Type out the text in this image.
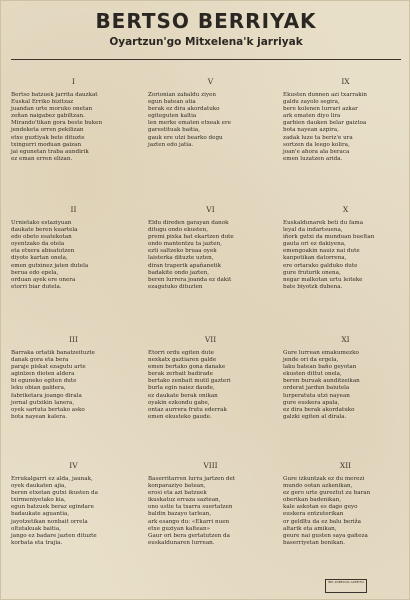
BERTSO BERRIYAK
Oyartzun'go Mitxelena'k jarriyak
I
Bertso batzuek jarrita dauzkat
Euskal Erriko bizitzaz
juandan urte moruko onetan
zeñan naigabez gabiltzan.
Mirando'tikan gora beste buken
jendeketa orren pekilizan
etxe guztiyak bete dituzte
txingurri moduan gaizan
jai egunetan traba aundirik
ez eman erren elizan.
V
Zorionian zabaldu ziyen
egun batean atia
berak ez dira akordatuko
egiteguten kaltia
len merke ematen etxeak ere
garestituak baitia,
gauk ere utzi bearko degu
jazten edo jatia.
IX
Ekusten dunnen azi txarrakin
galdu zayolo segira,
bere kolenen lurrari azkar
ark ematen diyo lira
garbien dauken belar gaiztoa
bota nayean azpira,
zadak luze ta beriz'e ura
sortzen da leego kolira,
joan'e ahora ala beraca
emen luzatzen arida.
II
Urnietako estaziyuan
daukate beren kuartela
edo obeto esatekotan
oyentzako da otela
eta etxera abisatutzen
diyote kartan onela,
emen gutxinez jaten dutela
berua edo epela,
orduan ayek ere onera
etorri biar dutela.
VI
Eldu direden garayan danok
ditugu ondo ekusten,
premi pixka bat ekartzen dute
ondo mantentzu ta jazten,
ezti saltzeko bruaa oyek
laisterka dituzte uzten,
diran traperik apañanetik
badakite ondo jazten,
beren lurrera joanda ez dakit
ezagutuko dituzten
X
Euskaldunarek beti du fama
leyal da indartsuena,
iñork gutxi da munduan bueltan
gauta ori ez dakiyena,
emengoakin nauiz nai dute
kanpotikan datorrena,
ere ortarako galduko dute
gure fruturik onena,
negar malkotan urtu leiteke
bate biyotzk dubena.
III
Barraka ortatik banatzeituzte
danak gora eta bera
paraje piskat ezagutu arte
aginlzen dioten aldera
bi eguneko egiten dute
leku obian galdera,
fabriketara joango dirala
jornal gutxikin lanera,
oyek sartuta bertako asko
bota nayean kalera.
VII
Etorri ordu egiten dute
nexkatx gaztiaren galde
emen bertako gona danake
berak zerbait badirade
bertako zenbait mutil gazteri
burla egin naiez daude,
ez daukate berak onikan
oyakin ezkondu gabe,
ontaz aurrera frutu ederrak
emen ekusteko gaude.
XI
Gure lurrean emakumezko
jende ori da ergela,
laku batean baño geyotan
ekusten dittut onela,
beren buruak aunditzeikan
orderat jardun baiutela
lurperatuta utzi nayean
gure euskera apala,
ez dira berak akordatuko
galzki egiten al dirala.
IV
Errukalgarri ez alda, jaunak,
oyek daukaten ajia,
beren etxetan gutxi ikusten da
txirmeniyetako kia,
egun batzuek beraz egindare
badaukate aguantia,
jayotzetikan nonbait orrela
oltutakuak baitia,
jango ez badare jazten dituzte
korbata eta trajia.
VIII
Baserritarren lurra jartzen det
konparaziyo batean,
erosi eta azi batzuek
ikuskatuz erraza saztean,
ono ustie ta txarra suertatzen
baldin bazayo tarlean,
ark esango du: «Ekarri nuen
etxe guziyan kaltean»
Gaur ori bera gertatutzen da
euskaldunaren lurrean.
XII
Gure izkuntzak ez du merezi
mundo ootan azkenikan,
ez gero urte gureztut zu baran
oberikan badenikan,
kale askotan es dago geyo
euskera entzuterikan
or geldltu da ez balu beriz̃a
altarik eta amikan,
geure nai gusten saya gaiteza
baserriyetan benikan.
IMP. ZUBELDIA AZPEITIA
